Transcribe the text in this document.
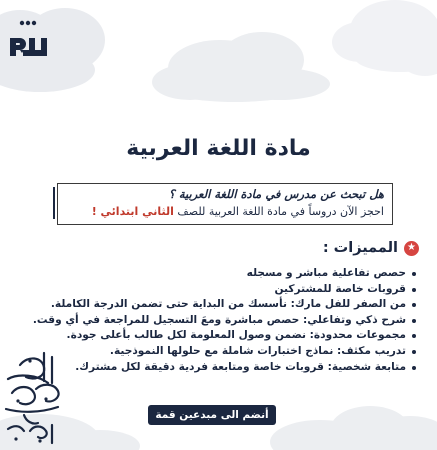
مادة اللغة العربية
هل تبحث عن مدرس في مادة اللغة العربية ؟
احجز الآن دروساً في مادة اللغة العربية للصف الثاني ابتدائي !
★
المميزات :
حصص تفاعلية مباشر و مسجله
قروبات خاصة للمشتركين
من الصفر للفل مارك: نأسسك من البداية حتى تضمن الدرجة الكاملة.
شرح ذكي وتفاعلي: حصص مباشرة ومعَ التسجيل للمراجعة في أي وقت.
مجموعات محدودة: نضمن وصول المعلومة لكل طالب بأعلى جودة.
تدريب مكثف: نماذج اختبارات شاملة مع حلولها النموذجية.
متابعة شخصية: قروبات خاصة ومتابعة فردية دقيقة لكل مشترك.
أنضم الى مبدعين قمة الان !
